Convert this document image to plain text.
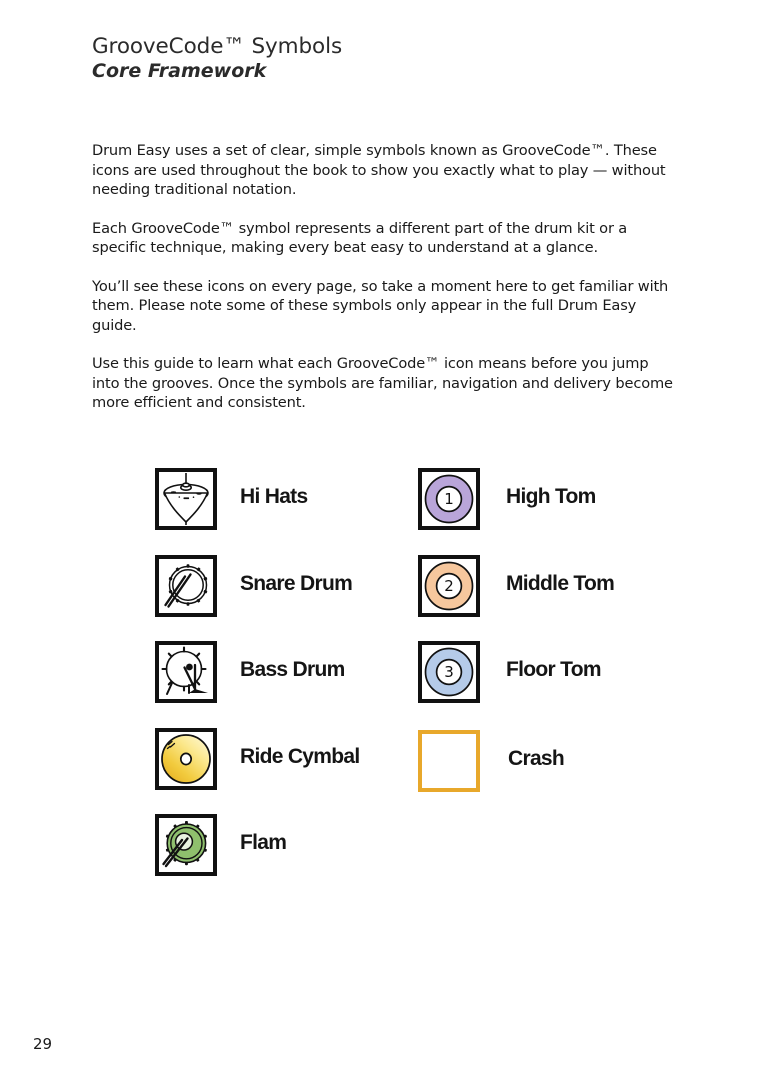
GrooveCode™ Symbols
Core Framework

Drum Easy uses a set of clear, simple symbols known as GrooveCode™. These icons are used throughout the book to show you exactly what to play — without needing traditional notation.

Each GrooveCode™ symbol represents a different part of the drum kit or a specific technique, making every beat easy to understand at a glance.

You’ll see these icons on every page, so take a moment here to get familiar with them. Please note some of these symbols only appear in the full Drum Easy guide.

Use this guide to learn what each GrooveCode™ icon means before you jump into the grooves. Once the symbols are familiar, navigation and delivery become more efficient and consistent.

Hi Hats
Snare Drum
Bass Drum
Ride Cymbal
Flam
1 High Tom
2 Middle Tom
3 Floor Tom
Crash
29
